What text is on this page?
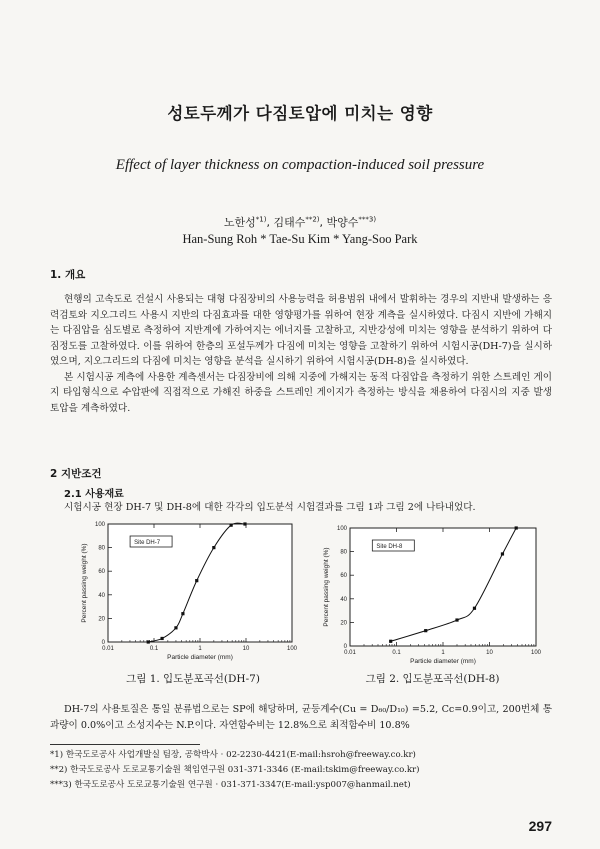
성토두께가 다짐토압에 미치는 영향
Effect of layer thickness on compaction-induced soil pressure
노한성$^{*1)}$, 김태수$^{**2)}$, 박양수$^{***3)}$
Han-Sung Roh * Tae-Su Kim * Yang-Soo Park
1. 개요

현행의 고속도로 건설시 사용되는 대형 다짐장비의 사용능력을 허용범위 내에서 발휘하는 경우의 지반내 발생하는 응력검토와 지오그리드 사용시 지반의 다짐효과를 대한 영향평가를 위하여 현장 계측을 실시하였다. 다짐시 지반에 가해지는 다짐압을 심도별로 측정하여 지반계에 가하여지는 에너지를 고찰하고, 지반강성에 미치는 영향을 분석하기 위하여 다짐정도를 고찰하였다. 이를 위하여 한층의 포설두께가 다짐에 미치는 영향을 고찰하기 위하여 시험시공(DH-7)을 실시하였으며, 지오그리드의 다짐에 미치는 영향을 분석을 실시하기 위하여 시험시공(DH-8)을 실시하였다.

본 시험시공 계측에 사용한 계측센서는 다짐장비에 의해 지중에 가해지는 동적 다짐압을 측정하기 위한 스트레인 게이지 타입형식으로 수압판에 직접적으로 가해진 하중을 스트레인 게이지가 측정하는 방식을 채용하여 다짐시의 지중 발생토압을 계측하였다.

2 지반조건
2.1 사용재료

시험시공 현장 DH-7 및 DH-8에 대한 각각의 입도분석 시험결과를 그림 1과 그림 2에 나타내었다.

0.01	0.1	1	10	100
0
20
40
60
80
100
Particle diameter (mm)
Percent passing weight (%)
Site DH-7
그림 1. 입도분포곡선(DH-7)
0.01	0.1	1	10	100
0
20
40
60
80
100
Particle diameter (mm)
Percent passing weight (%)
Site DH-8
그림 2. 입도분포곡선(DH-8)

DH-7의 사용토질은 통일 분류법으로는 SP에 해당하며, 균등계수(Cu = D₆₀/D₁₀) =5.2, Cc=0.9이고, 200번체 통과량이 0.0%이고 소성지수는 N.P.이다. 자연함수비는 12.8%으로 최적함수비 10.8%

*1) 한국도로공사 사업개발실 팀장, 공학박사 · 02-2230-4421(E-mail:hsroh@freeway.co.kr)
**2) 한국도로공사 도로교통기술원 책임연구원 031-371-3346 (E-mail:tskim@freeway.co.kr)
***3) 한국도로공사 도로교통기술원 연구원 · 031-371-3347(E-mail:ysp007@hanmail.net)
297
